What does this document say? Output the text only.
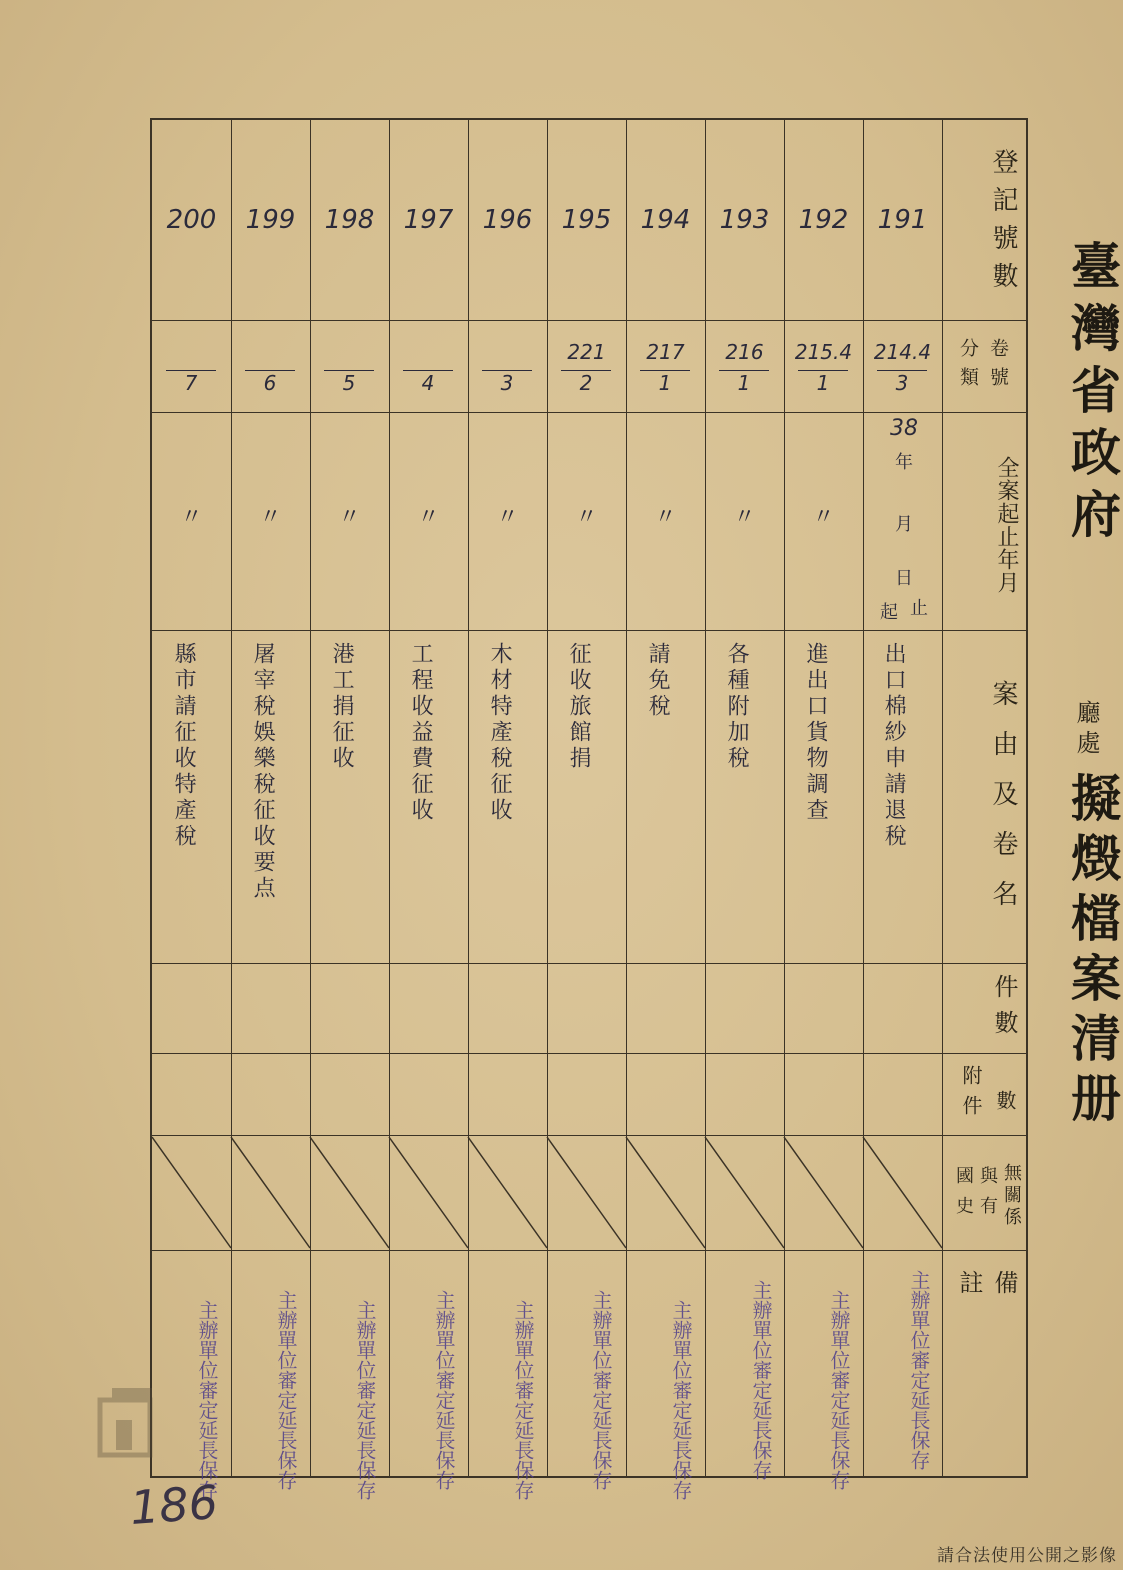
臺灣省政府
廳處
擬燬檔案清册
登記號數
卷號
分類
全案起止年月
案由及卷名
件數
數
附件
無關係
與有
國史
備註
38
年
月
日
止
起
191
214.4
3
出口棉紗申請退稅
主辦單位審定延長保存
192
215.4
1
〃
進出口貨物調查
主辦單位審定延長保存
193
216
1
〃
各種附加稅
主辦單位審定延長保存
194
217
1
〃
請免稅
主辦單位審定延長保存
195
221
2
〃
征收旅館捐
主辦單位審定延長保存
196
3
〃
木材特產稅征收
主辦單位審定延長保存
197
4
〃
工程收益費征收
主辦單位審定延長保存
198
5
〃
港工捐征收
主辦單位審定延長保存
199
6
〃
屠宰稅娛樂稅征收要点
主辦單位審定延長保存
200
7
〃
縣市請征收特產稅
主辦單位審定延長保存
186
請合法使用公開之影像
